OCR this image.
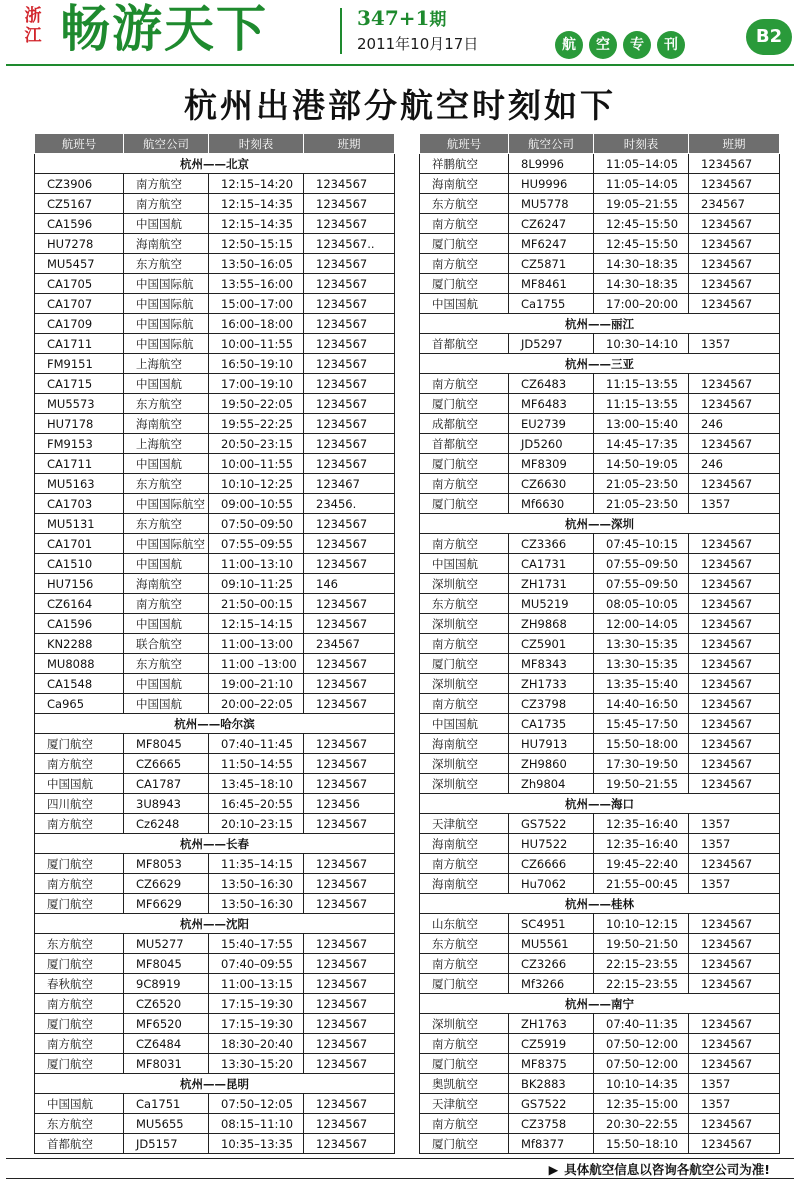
浙江 畅游天下	347+1期
2011年10月17日	航	空	专	刊	B2
杭州出港部分航空时刻如下
航班号	航空公司	时刻表	班期
杭州——北京			
CZ3906	南方航空	12:15–14:20	1234567
CZ5167	南方航空	12:15–14:35	1234567
CA1596	中国国航	12:15–14:35	1234567
HU7278	海南航空	12:50–15:15	1234567..
MU5457	东方航空	13:50–16:05	1234567
CA1705	中国国际航	13:55–16:00	1234567
CA1707	中国国际航	15:00–17:00	1234567
CA1709	中国国际航	16:00–18:00	1234567
CA1711	中国国际航	10:00–11:55	1234567
FM9151	上海航空	16:50–19:10	1234567
CA1715	中国国航	17:00–19:10	1234567
MU5573	东方航空	19:50–22:05	1234567
HU7178	海南航空	19:55–22:25	1234567
FM9153	上海航空	20:50–23:15	1234567
CA1711	中国国航	10:00–11:55	1234567
MU5163	东方航空	10:10–12:25	123467
CA1703	中国国际航空	09:00–10:55	23456.
MU5131	东方航空	07:50–09:50	1234567
CA1701	中国国际航空	07:55–09:55	1234567
CA1510	中国国航	11:00–13:10	1234567
HU7156	海南航空	09:10–11:25	146
CZ6164	南方航空	21:50–00:15	1234567
CA1596	中国国航	12:15–14:15	1234567
KN2288	联合航空	11:00–13:00	234567
MU8088	东方航空	11:00 –13:00	1234567
CA1548	中国国航	19:00–21:10	1234567
Ca965	中国国航	20:00–22:05	1234567
杭州——哈尔滨			
厦门航空	MF8045	07:40–11:45	1234567
南方航空	CZ6665	11:50–14:55	1234567
中国国航	CA1787	13:45–18:10	1234567
四川航空	3U8943	16:45–20:55	123456
南方航空	Cz6248	20:10–23:15	1234567
杭州——长春			
厦门航空	MF8053	11:35–14:15	1234567
南方航空	CZ6629	13:50–16:30	1234567
厦门航空	MF6629	13:50–16:30	1234567
杭州——沈阳			
东方航空	MU5277	15:40–17:55	1234567
厦门航空	MF8045	07:40–09:55	1234567
春秋航空	9C8919	11:00–13:15	1234567
南方航空	CZ6520	17:15–19:30	1234567
厦门航空	MF6520	17:15–19:30	1234567
南方航空	CZ6484	18:30–20:40	1234567
厦门航空	MF8031	13:30–15:20	1234567
杭州——昆明			
中国国航	Ca1751	07:50–12:05	1234567
东方航空	MU5655	08:15–11:10	1234567
首都航空	JD5157	10:35–13:35	1234567
航班号	航空公司	时刻表	班期
祥鹏航空	8L9996	11:05–14:05	1234567
海南航空	HU9996	11:05–14:05	1234567
东方航空	MU5778	19:05–21:55	234567
南方航空	CZ6247	12:45–15:50	1234567
厦门航空	MF6247	12:45–15:50	1234567
南方航空	CZ5871	14:30–18:35	1234567
厦门航空	MF8461	14:30–18:35	1234567
中国国航	Ca1755	17:00–20:00	1234567
杭州——丽江			
首都航空	JD5297	10:30–14:10	1357
杭州——三亚			
南方航空	CZ6483	11:15–13:55	1234567
厦门航空	MF6483	11:15–13:55	1234567
成都航空	EU2739	13:00–15:40	246
首都航空	JD5260	14:45–17:35	1234567
厦门航空	MF8309	14:50–19:05	246
南方航空	CZ6630	21:05–23:50	1234567
厦门航空	Mf6630	21:05–23:50	1357
杭州——深圳			
南方航空	CZ3366	07:45–10:15	1234567
中国国航	CA1731	07:55–09:50	1234567
深圳航空	ZH1731	07:55–09:50	1234567
东方航空	MU5219	08:05–10:05	1234567
深圳航空	ZH9868	12:00–14:05	1234567
南方航空	CZ5901	13:30–15:35	1234567
厦门航空	MF8343	13:30–15:35	1234567
深圳航空	ZH1733	13:35–15:40	1234567
南方航空	CZ3798	14:40–16:50	1234567
中国国航	CA1735	15:45–17:50	1234567
海南航空	HU7913	15:50–18:00	1234567
深圳航空	ZH9860	17:30–19:50	1234567
深圳航空	Zh9804	19:50–21:55	1234567
杭州——海口			
天津航空	GS7522	12:35–16:40	1357
海南航空	HU7522	12:35–16:40	1357
南方航空	CZ6666	19:45–22:40	1234567
海南航空	Hu7062	21:55–00:45	1357
杭州——桂林			
山东航空	SC4951	10:10–12:15	1234567
东方航空	MU5561	19:50–21:50	1234567
南方航空	CZ3266	22:15–23:55	1234567
厦门航空	Mf3266	22:15–23:55	1234567
杭州——南宁			
深圳航空	ZH1763	07:40–11:35	1234567
南方航空	CZ5919	07:50–12:00	1234567
厦门航空	MF8375	07:50–12:00	1234567
奥凯航空	BK2883	10:10–14:35	1357
天津航空	GS7522	12:35–15:00	1357
南方航空	CZ3758	20:30–22:55	1234567
厦门航空	Mf8377	15:50–18:10	1234567
▶ 具体航空信息以咨询各航空公司为准!
